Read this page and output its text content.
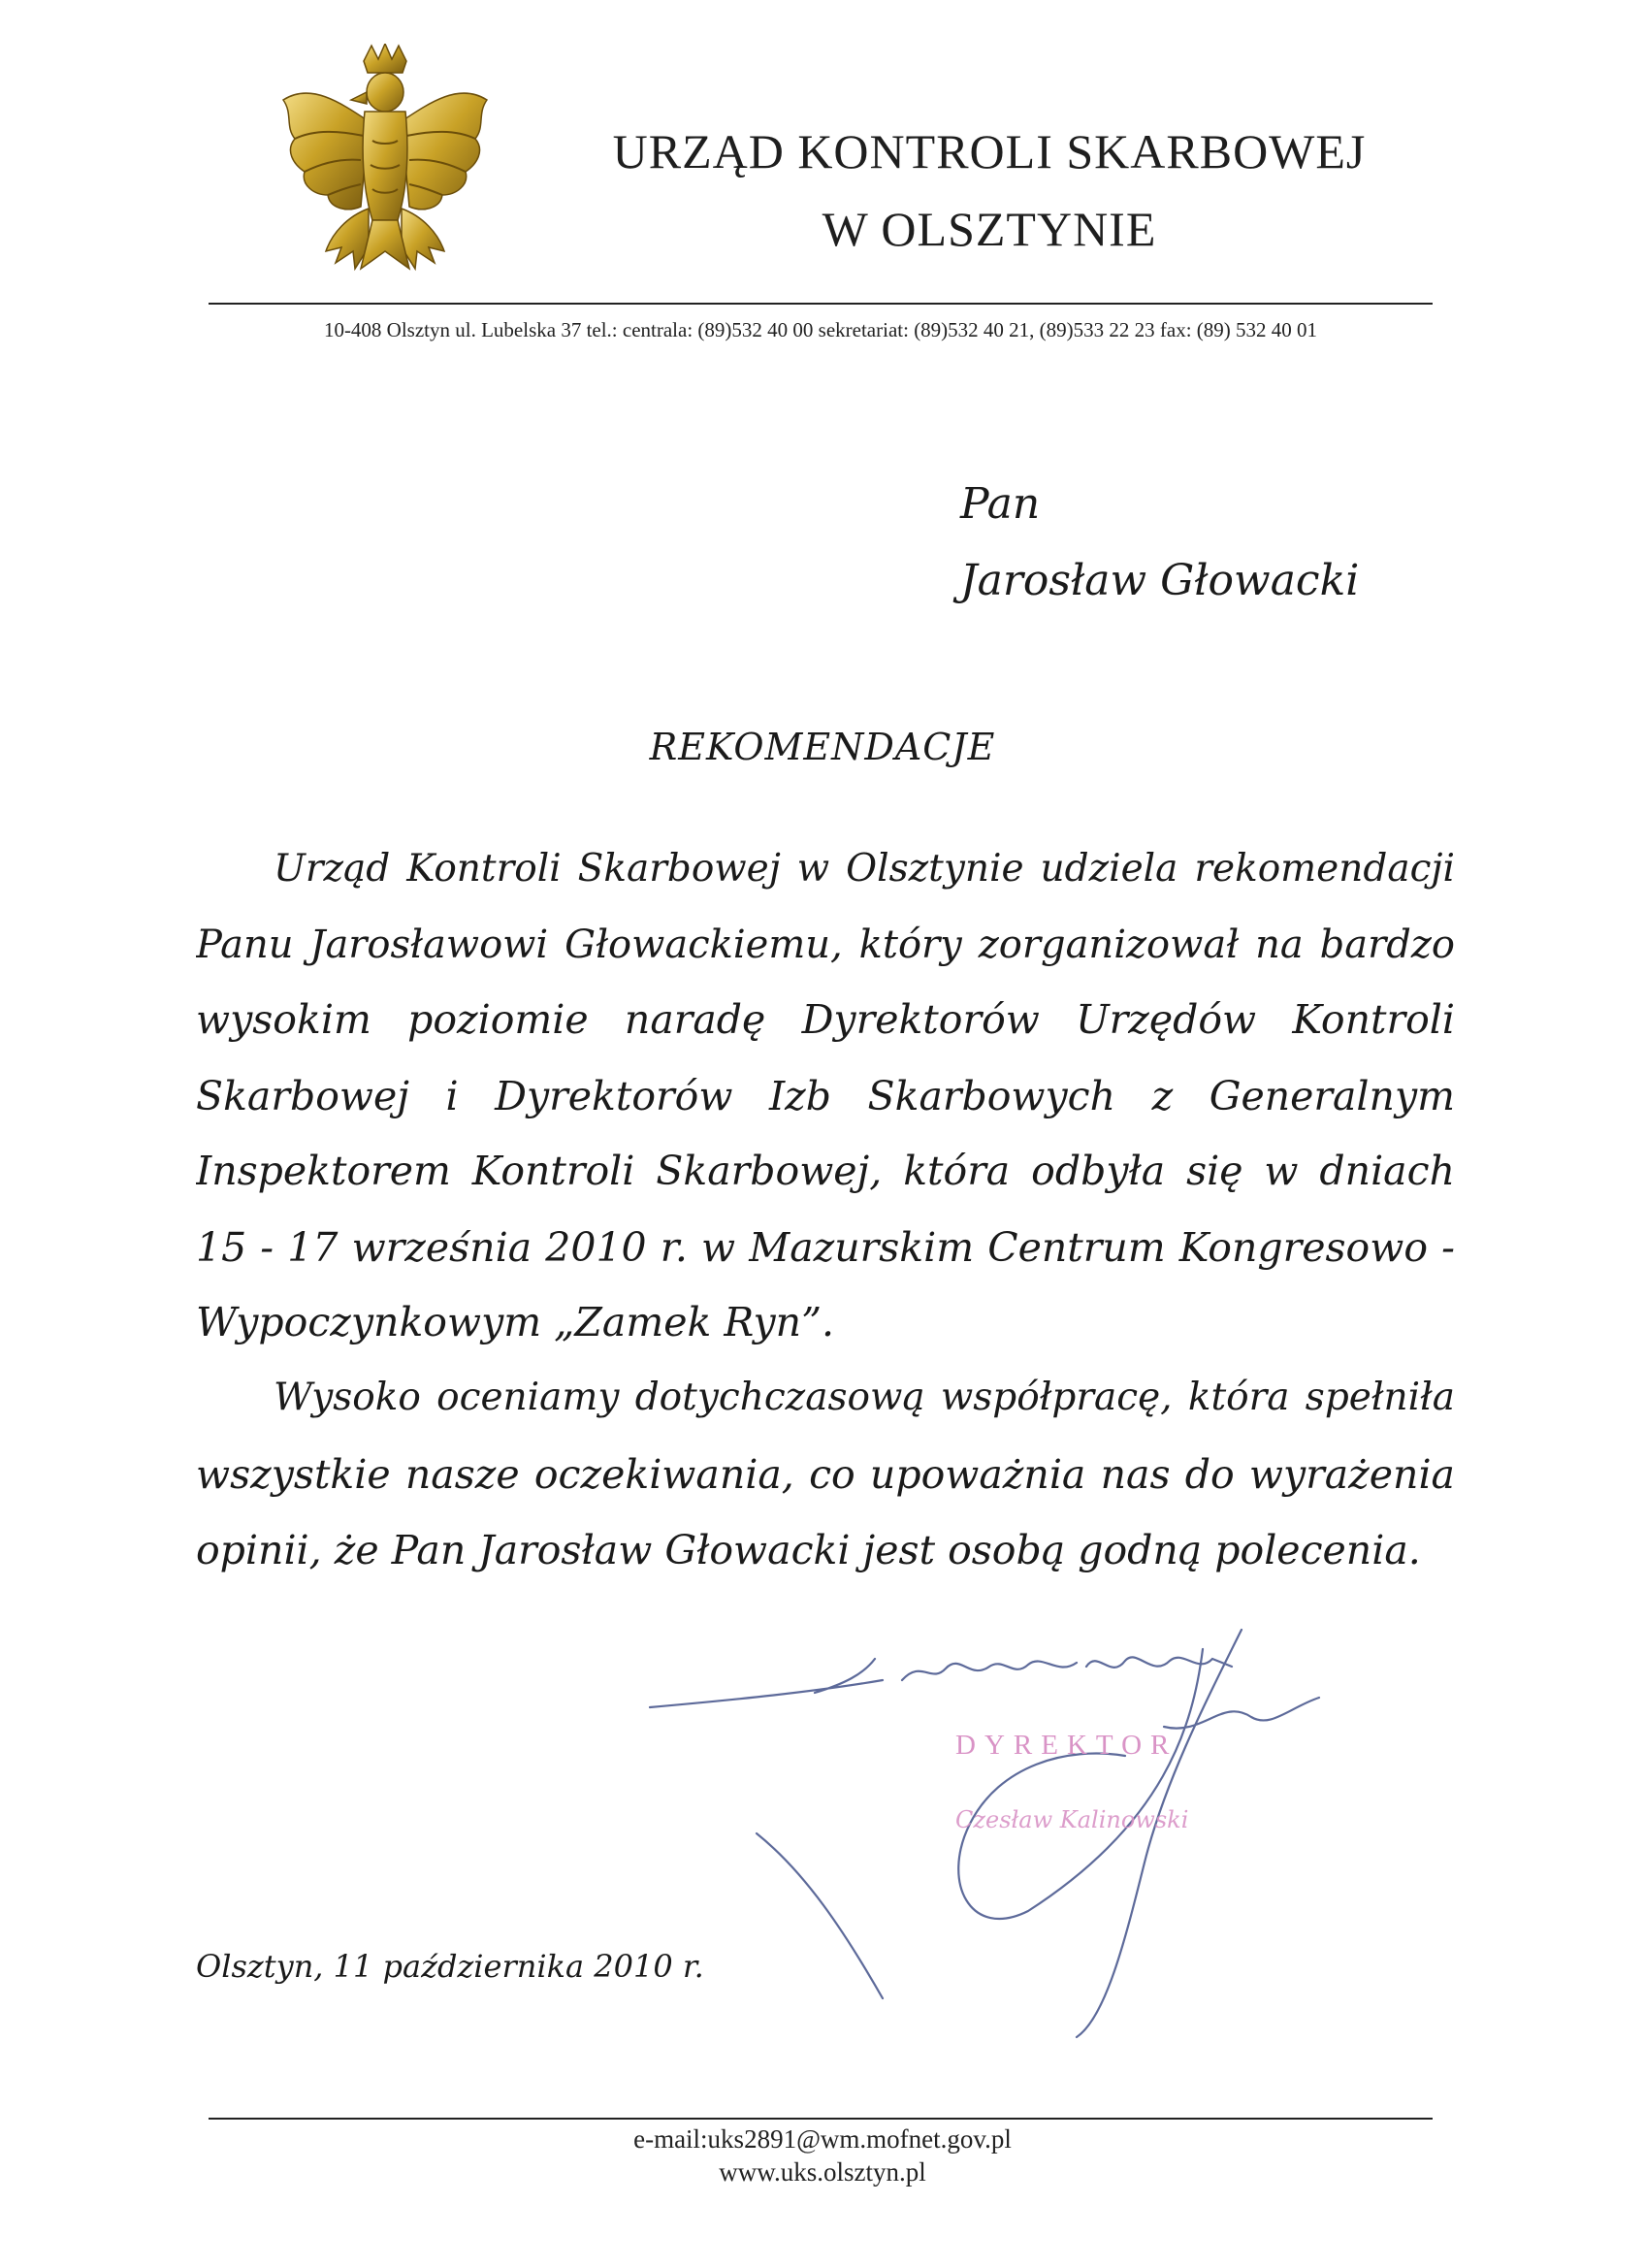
URZĄD KONTROLI SKARBOWEJ
W OLSZTYNIE
10-408 Olsztyn ul. Lubelska 37 tel.: centrala: (89)532 40 00 sekretariat: (89)532 40 21, (89)533 22 23 fax: (89) 532 40 01
Pan
Jarosław Głowacki
REKOMENDACJE
Urząd Kontroli Skarbowej w Olsztynie udziela rekomendacji
Panu Jarosławowi Głowackiemu, który zorganizował na bardzo
wysokim poziomie naradę Dyrektorów Urzędów Kontroli
Skarbowej i Dyrektorów Izb Skarbowych z Generalnym
Inspektorem Kontroli Skarbowej, która odbyła się w dniach
15 - 17 września 2010 r. w Mazurskim Centrum Kongresowo -
Wypoczynkowym „Zamek Ryn”.
Wysoko oceniamy dotychczasową współpracę, która spełniła
wszystkie nasze oczekiwania, co upoważnia nas do wyrażenia
opinii, że Pan Jarosław Głowacki jest osobą godną polecenia.
DYREKTOR
Czesław Kalinowski
Olsztyn, 11 października 2010 r.
e-mail:uks2891@wm.mofnet.gov.pl
www.uks.olsztyn.pl
